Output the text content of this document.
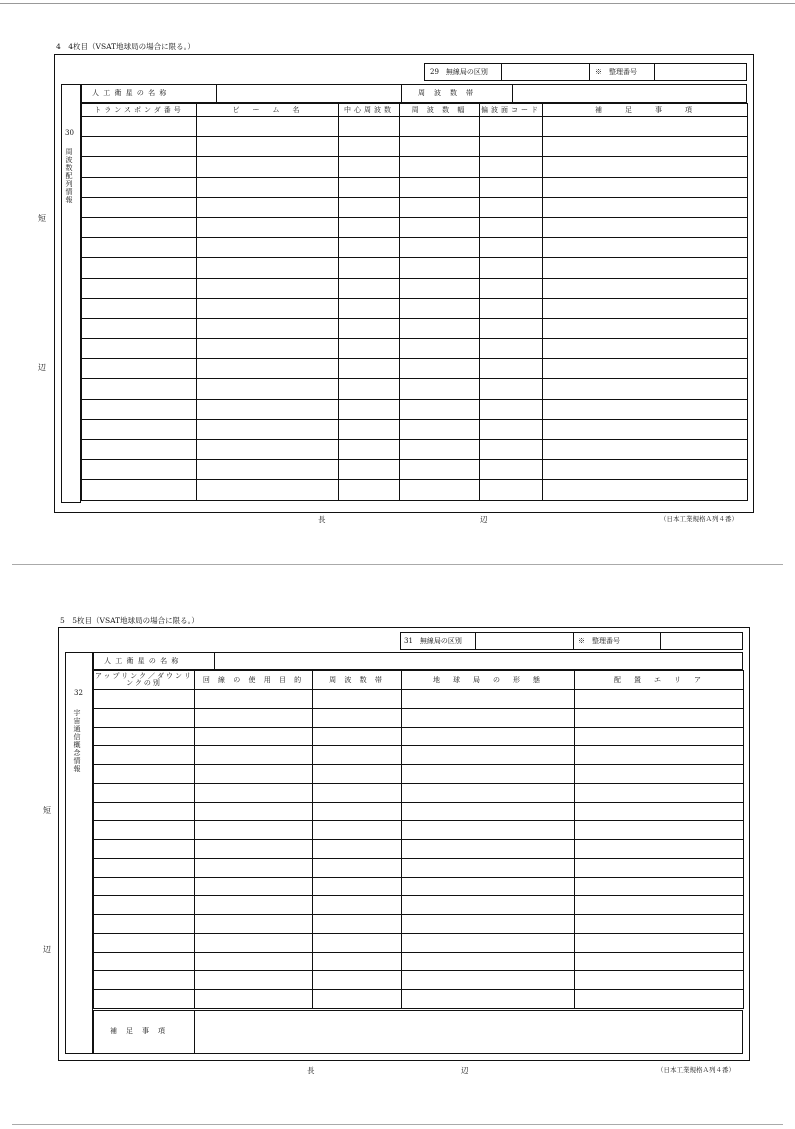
4　4枚目（VSAT地球局の場合に限る。）
短
辺
29　無線局の区別	※　整理番号
30
周波数配列情報
人 工 衛 星 の 名 称	周　波　数　帯
トランスポンダ番号	ビ　ー　ム　名	中心周波数	周 波 数 幅	偏波面コード	補　　足　　事　　項

長	辺	（日本工業規格Ａ列４番）
5　5枚目（VSAT地球局の場合に限る。）
短
辺
31　無線局の区別	※　整理番号
32
宇宙通信概念情報
人 工 衛 星 の 名 称
アップリンク／ダウンリンクの別	回 線 の 使 用 目 的	周 波 数 帯	地　球　局　の　形　態	配　置　エ　リ　ア

補　足　事　項
長	辺	（日本工業規格Ａ列４番）
